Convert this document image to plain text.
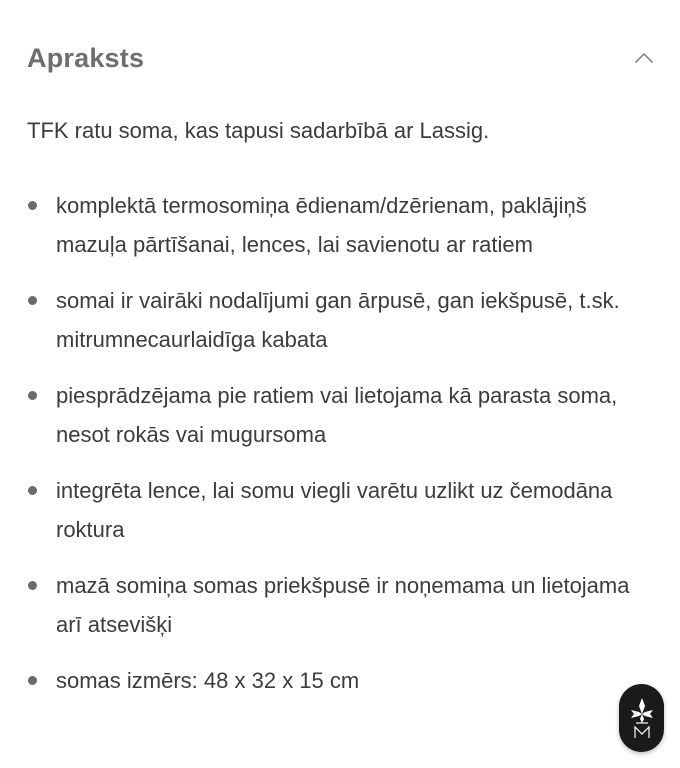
Apraksts
TFK ratu soma, kas tapusi sadarbībā ar Lassig.
komplektā termosomiņa ēdienam/dzērienam, paklājiņš mazuļa pārtīšanai, lences, lai savienotu ar ratiem
somai ir vairāki nodalījumi gan ārpusē, gan iekšpusē, t.sk. mitrumnecaurlaidīga kabata
piesprādzējama pie ratiem vai lietojama kā parasta soma, nesot rokās vai mugursoma
integrēta lence, lai somu viegli varētu uzlikt uz čemodāna roktura
mazā somiņa somas priekšpusē ir noņemama un lietojama arī atsevišķi
somas izmērs: 48 x 32 x 15 cm
